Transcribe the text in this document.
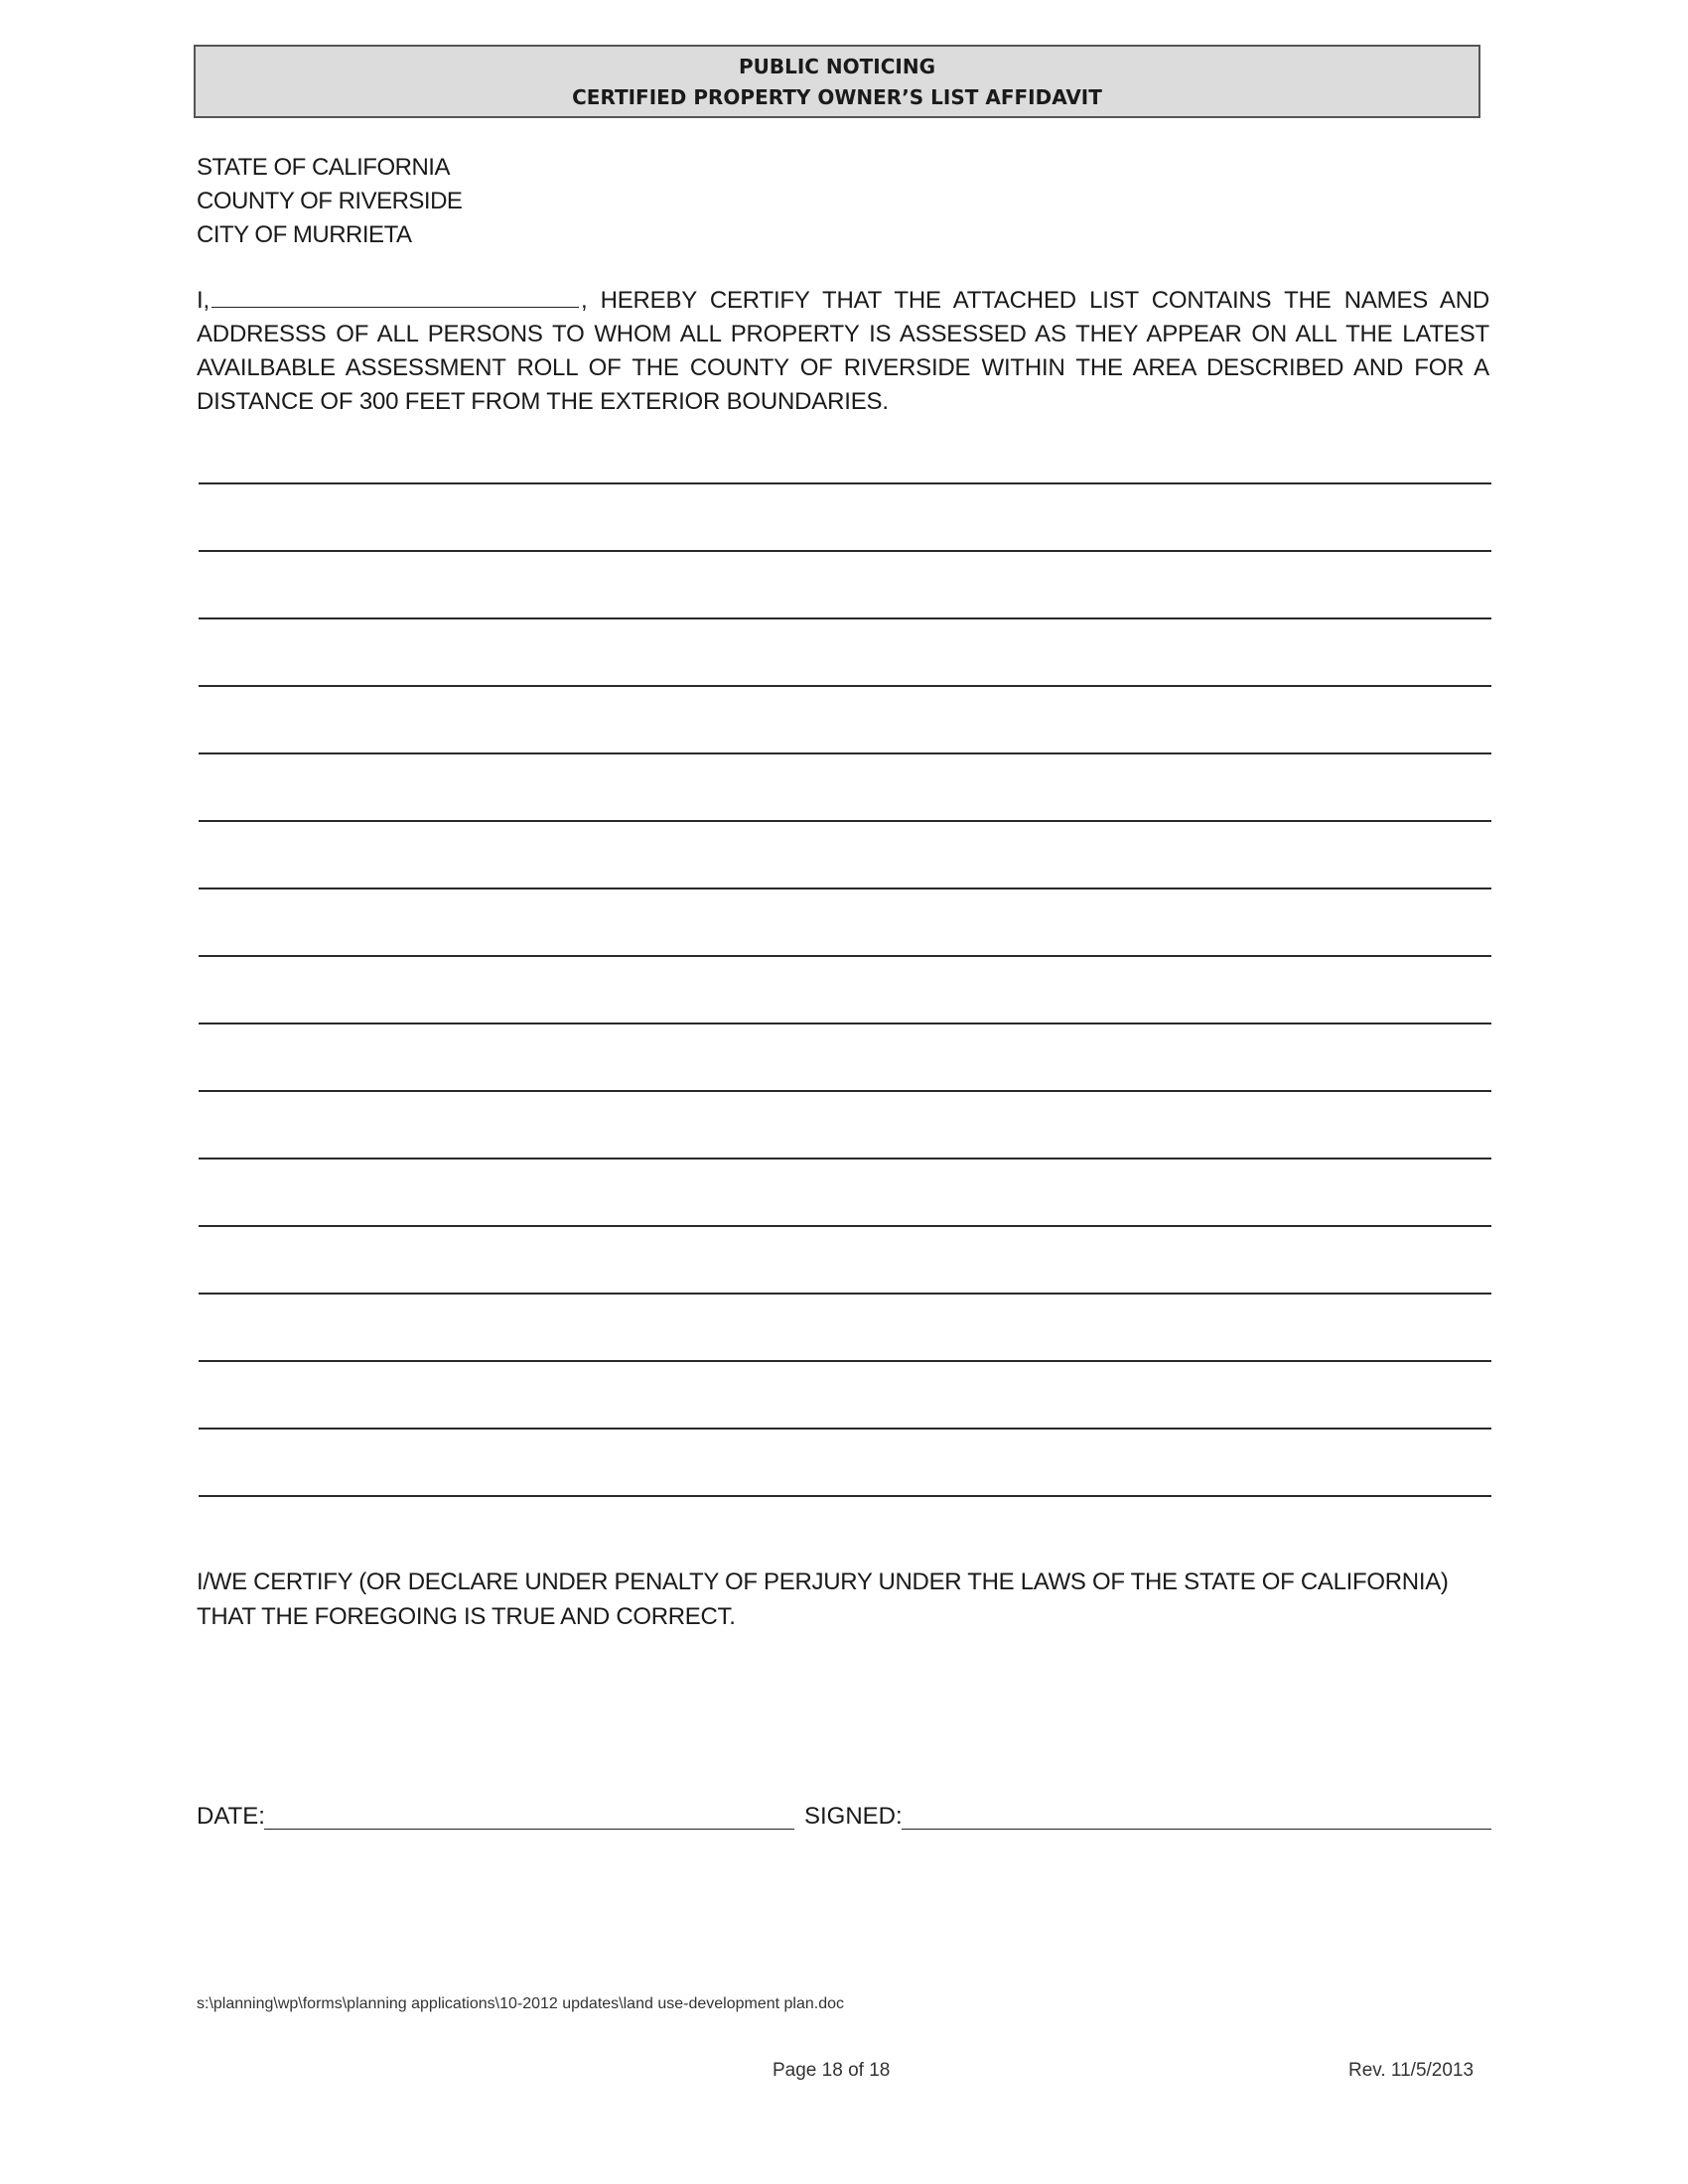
PUBLIC NOTICING
CERTIFIED PROPERTY OWNER’S LIST AFFIDAVIT
STATE OF CALIFORNIA
COUNTY OF RIVERSIDE
CITY OF MURRIETA
I,	, HEREBY CERTIFY THAT THE ATTACHED LIST CONTAINS THE NAMES AND ADDRESSS OF ALL PERSONS TO WHOM ALL PROPERTY IS ASSESSED AS THEY APPEAR ON ALL THE LATEST AVAILBABLE ASSESSMENT ROLL OF THE COUNTY OF RIVERSIDE WITHIN THE AREA DESCRIBED AND FOR A DISTANCE OF 300 FEET FROM THE EXTERIOR BOUNDARIES.
I/WE CERTIFY (OR DECLARE UNDER PENALTY OF PERJURY UNDER THE LAWS OF THE STATE OF CALIFORNIA) THAT THE FOREGOING IS TRUE AND CORRECT.
DATE:	SIGNED:
s:\planning\wp\forms\planning applications\10-2012 updates\land use-development plan.doc
Page 18 of 18	Rev. 11/5/2013
